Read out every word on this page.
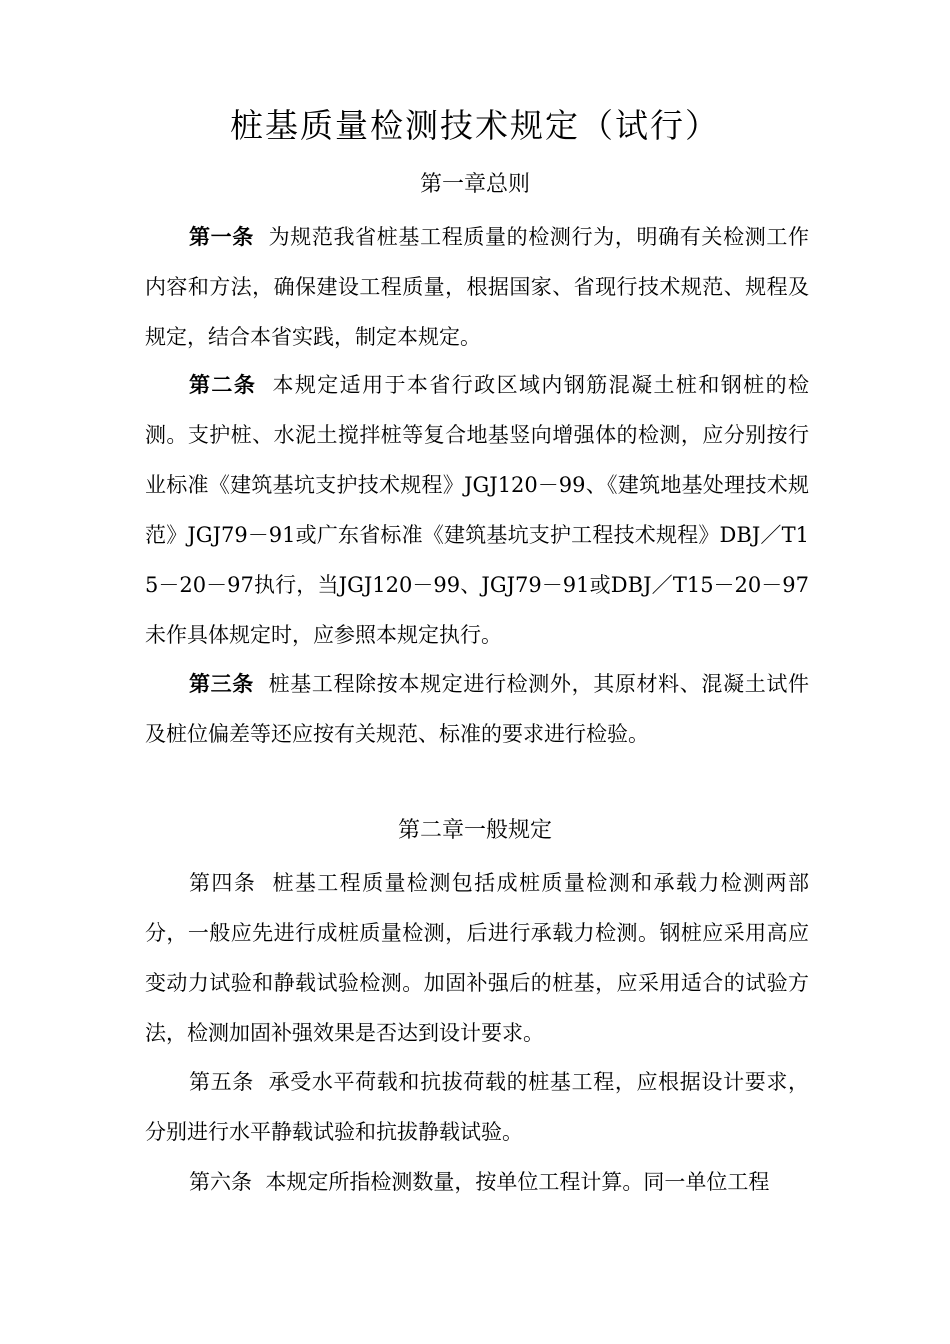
桩基质量检测技术规定（试行）
第一章总则

第一条 为规范我省桩基工程质量的检测行为，明确有关检测工作内容和方法，确保建设工程质量，根据国家、省现行技术规范、规程及规定，结合本省实践，制定本规定。

第二条 本规定适用于本省行政区域内钢筋混凝土桩和钢桩的检测。支护桩、水泥土搅拌桩等复合地基竖向增强体的检测，应分别按行业标准《建筑基坑支护技术规程》JGJ120－99、《建筑地基处理技术规范》JGJ79－91或广东省标准《建筑基坑支护工程技术规程》DBJ／T15－20－97执行，当JGJ120－99、JGJ79－91或DBJ／T15－20－97未作具体规定时，应参照本规定执行。

第三条 桩基工程除按本规定进行检测外，其原材料、混凝土试件及桩位偏差等还应按有关规范、标准的要求进行检验。

第二章一般规定

第四条 桩基工程质量检测包括成桩质量检测和承载力检测两部分，一般应先进行成桩质量检测，后进行承载力检测。钢桩应采用高应变动力试验和静载试验检测。加固补强后的桩基，应采用适合的试验方法，检测加固补强效果是否达到设计要求。

第五条 承受水平荷载和抗拔荷载的桩基工程，应根据设计要求，分别进行水平静载试验和抗拔静载试验。

第六条 本规定所指检测数量，按单位工程计算。同一单位工程
